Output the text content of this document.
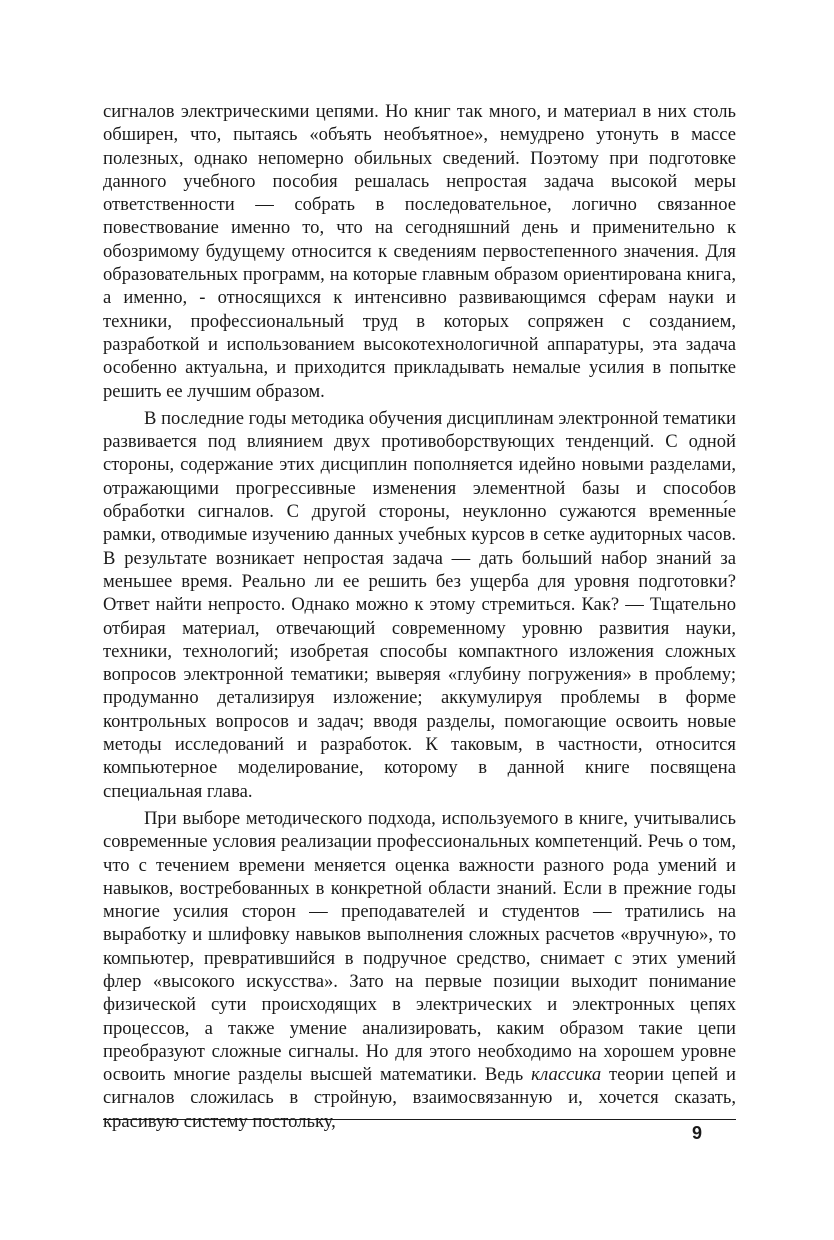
сигналов электрическими цепями. Но книг так много, и материал в них столь обширен, что, пытаясь «объять необъятное», немудрено утонуть в массе полезных, однако непомерно обильных сведений. Поэтому при подготовке данного учебного пособия решалась непростая задача высокой меры ответственности — собрать в последовательное, логично связанное повествование именно то, что на сегодняшний день и применительно к обозримому будущему относится к сведениям первостепенного значения. Для образовательных программ, на которые главным образом ориентирована книга, а именно, - относящихся к интенсивно развивающимся сферам науки и техники, профессиональный труд в которых сопряжен с созданием, разработкой и использованием высокотехнологичной аппаратуры, эта задача особенно актуальна, и приходится прикладывать немалые усилия в попытке решить ее лучшим образом.

В последние годы методика обучения дисциплинам электронной тематики развивается под влиянием двух противоборствующих тенденций. С одной стороны, содержание этих дисциплин пополняется идейно новыми разделами, отражающими прогрессивные изменения элементной базы и способов обработки сигналов. С другой стороны, неуклонно сужаются временны́е рамки, отводимые изучению данных учебных курсов в сетке аудиторных часов. В результате возникает непростая задача — дать больший набор знаний за меньшее время. Реально ли ее решить без ущерба для уровня подготовки? Ответ найти непросто. Однако можно к этому стремиться. Как? — Тщательно отбирая материал, отвечающий современному уровню развития науки, техники, технологий; изобретая способы компактного изложения сложных вопросов электронной тематики; выверяя «глубину погружения» в проблему; продуманно детализируя изложение; аккумулируя проблемы в форме контрольных вопросов и задач; вводя разделы, помогающие освоить новые методы исследований и разработок. К таковым, в частности, относится компьютерное моделирование, которому в данной книге посвящена специальная глава.

При выборе методического подхода, используемого в книге, учитывались современные условия реализации профессиональных компетенций. Речь о том, что с течением времени меняется оценка важности разного рода умений и навыков, востребованных в конкретной области знаний. Если в прежние годы многие усилия сторон — преподавателей и студентов — тратились на выработку и шлифовку навыков выполнения сложных расчетов «вручную», то компьютер, превратившийся в подручное средство, снимает с этих умений флер «высокого искусства». Зато на первые позиции выходит понимание физической сути происходящих в электрических и электронных цепях процессов, а также умение анализировать, каким образом такие цепи преобразуют сложные сигналы. Но для этого необходимо на хорошем уровне освоить многие разделы высшей математики. Ведь классика теории цепей и сигналов сложилась в стройную, взаимосвязанную и, хочется сказать, красивую систему постольку,

9
